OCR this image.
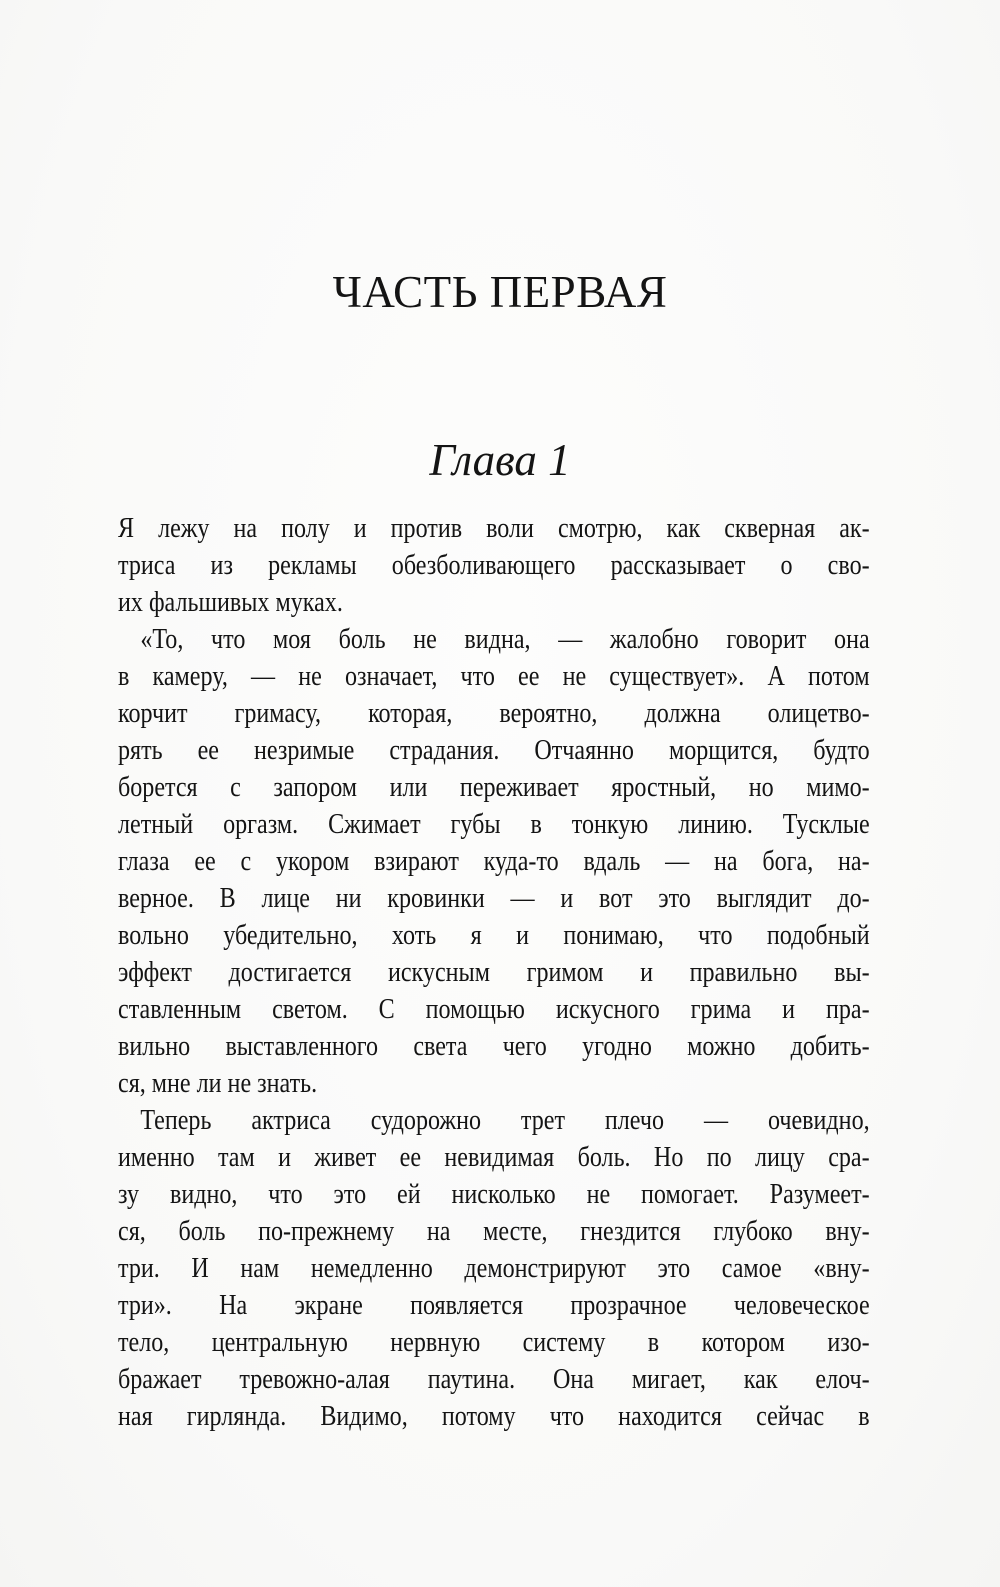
ЧАСТЬ ПЕРВАЯ
Глава 1
Я лежу на полу и против воли смотрю, как скверная ак-
триса из рекламы обезболивающего рассказывает о сво-
их фальшивых муках.
«То, что моя боль не видна, — жалобно говорит она
в камеру, — не означает, что ее не существует». А потом
корчит гримасу, которая, вероятно, должна олицетво-
рять ее незримые страдания. Отчаянно морщится, будто
борется с запором или переживает яростный, но мимо-
летный оргазм. Сжимает губы в тонкую линию. Тусклые
глаза ее с укором взирают куда-то вдаль — на бога, на-
верное. В лице ни кровинки — и вот это выглядит до-
вольно убедительно, хоть я и понимаю, что подобный
эффект достигается искусным гримом и правильно вы-
ставленным светом. С помощью искусного грима и пра-
вильно выставленного света чего угодно можно добить-
ся, мне ли не знать.
Теперь актриса судорожно трет плечо — очевидно,
именно там и живет ее невидимая боль. Но по лицу сра-
зу видно, что это ей нисколько не помогает. Разумеет-
ся, боль по-прежнему на месте, гнездится глубоко вну-
три. И нам немедленно демонстрируют это самое «вну-
три». На экране появляется прозрачное человеческое
тело, центральную нервную систему в котором изо-
бражает тревожно-алая паутина. Она мигает, как елоч-
ная гирлянда. Видимо, потому что находится сейчас в
